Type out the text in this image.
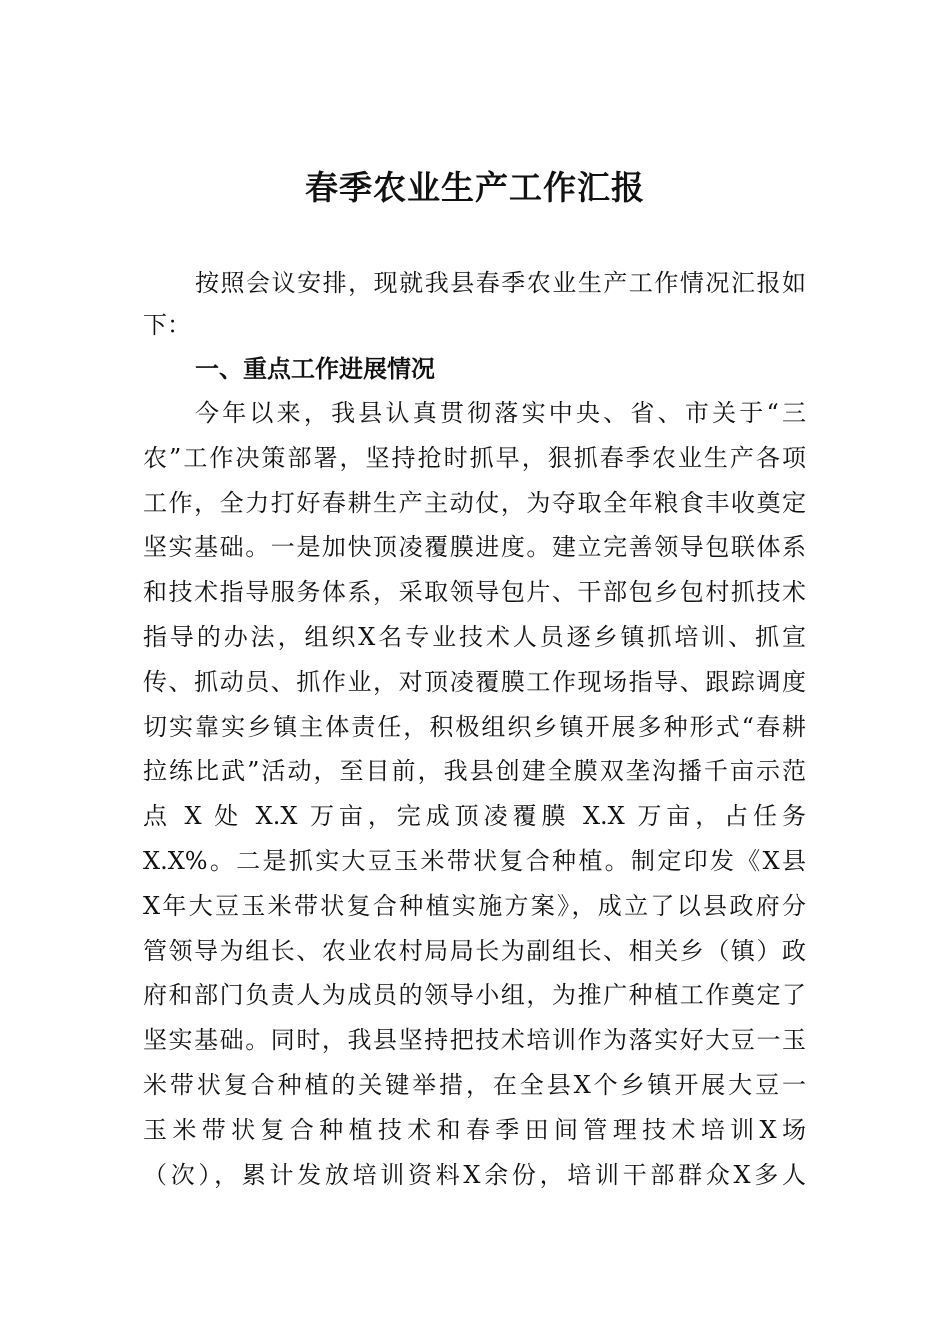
春季农业生产工作汇报
按照会议安排，现就我县春季农业生产工作情况汇报如
下：
一、重点工作进展情况
今年以来，我县认真贯彻落实中央、省、市关于“三
农”工作决策部署，坚持抢时抓早，狠抓春季农业生产各项
工作，全力打好春耕生产主动仗，为夺取全年粮食丰收奠定
坚实基础。一是加快顶凌覆膜进度。建立完善领导包联体系
和技术指导服务体系，采取领导包片、干部包乡包村抓技术
指导的办法，组织X名专业技术人员逐乡镇抓培训、抓宣
传、抓动员、抓作业，对顶凌覆膜工作现场指导、跟踪调度
切实靠实乡镇主体责任，积极组织乡镇开展多种形式“春耕
拉练比武”活动，至目前，我县创建全膜双垄沟播千亩示范
点 X 处 X.X 万亩，完成顶凌覆膜 X.X 万亩，占任务
X.X%。二是抓实大豆玉米带状复合种植。制定印发《X县
X年大豆玉米带状复合种植实施方案》，成立了以县政府分
管领导为组长、农业农村局局长为副组长、相关乡（镇）政
府和部门负责人为成员的领导小组，为推广种植工作奠定了
坚实基础。同时，我县坚持把技术培训作为落实好大豆一玉
米带状复合种植的关键举措，在全县X个乡镇开展大豆一
玉米带状复合种植技术和春季田间管理技术培训X场
（次），累计发放培训资料X余份，培训干部群众X多人
